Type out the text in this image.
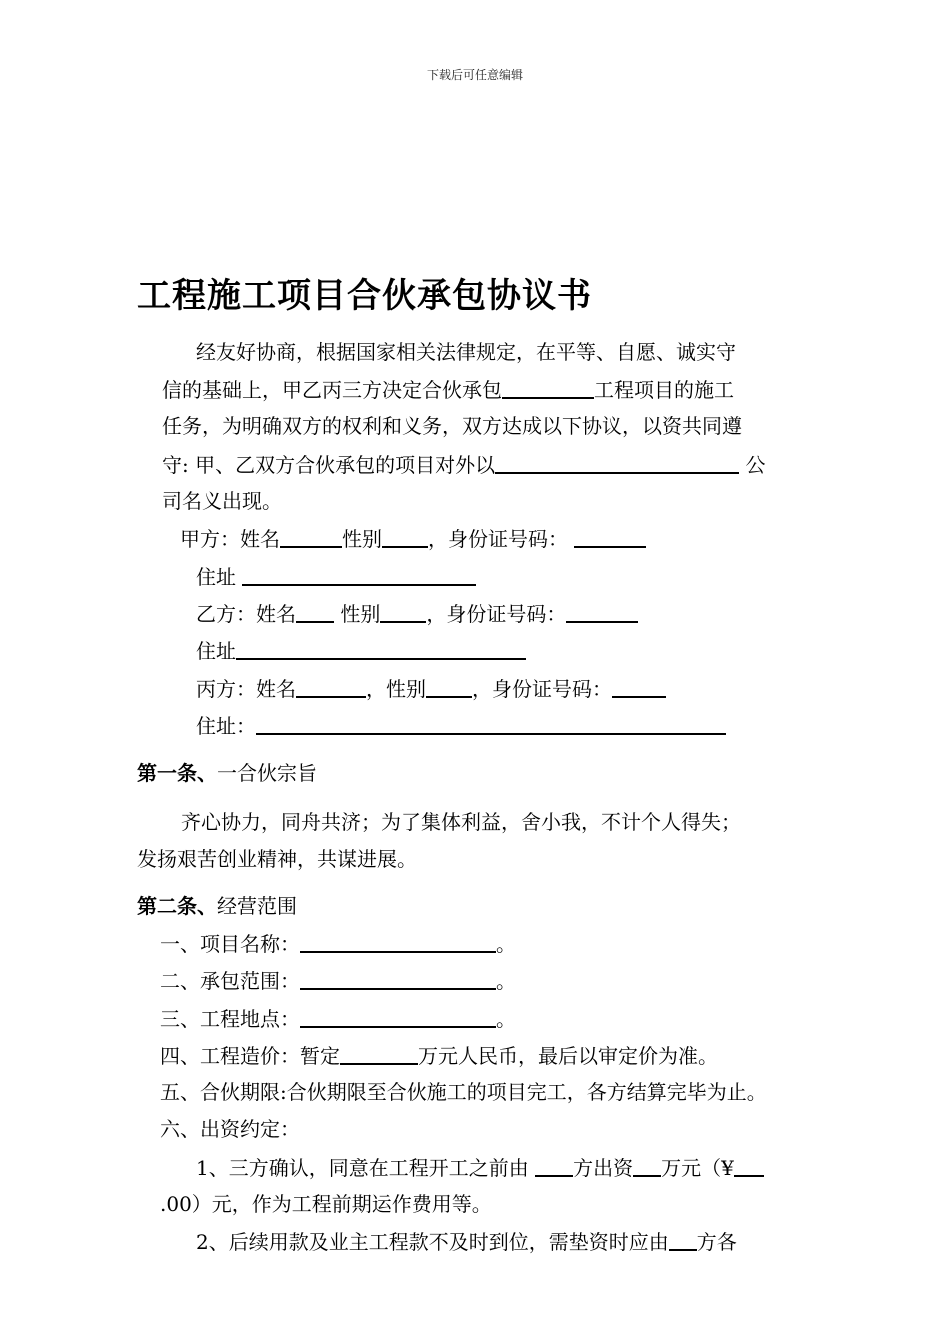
下载后可任意编辑
工程施工项目合伙承包协议书
经友好协商，根据国家相关法律规定，在平等、自愿、诚实守
信的基础上，甲乙丙三方决定合伙承包	工程项目的施工
任务，为明确双方的权利和义务，双方达成以下协议，以资共同遵
守: 甲、乙双方合伙承包的项目对外以	公
司名义出现。
甲方：姓名	性别 ，身份证号码：
住址
乙方：姓名 性别 ，身份证号码：
住址
丙方：姓名	，性别 ，身份证号码：
住址：
第一条、一合伙宗旨
齐心协力，同舟共济；为了集体利益，舍小我，不计个人得失；
发扬艰苦创业精神，共谋进展。
第二条、经营范围
一、项目名称：	。
二、承包范围：	。
三、工程地点：	。
四、工程造价：暂定	万元人民币，最后以审定价为准。
五、合伙期限:合伙期限至合伙施工的项目完工，各方结算完毕为止。
六、出资约定：
1、三方确认，同意在工程开工之前由 方出资 万元（¥
.00）元，作为工程前期运作费用等。
2、后续用款及业主工程款不及时到位，需垫资时应由 方各
